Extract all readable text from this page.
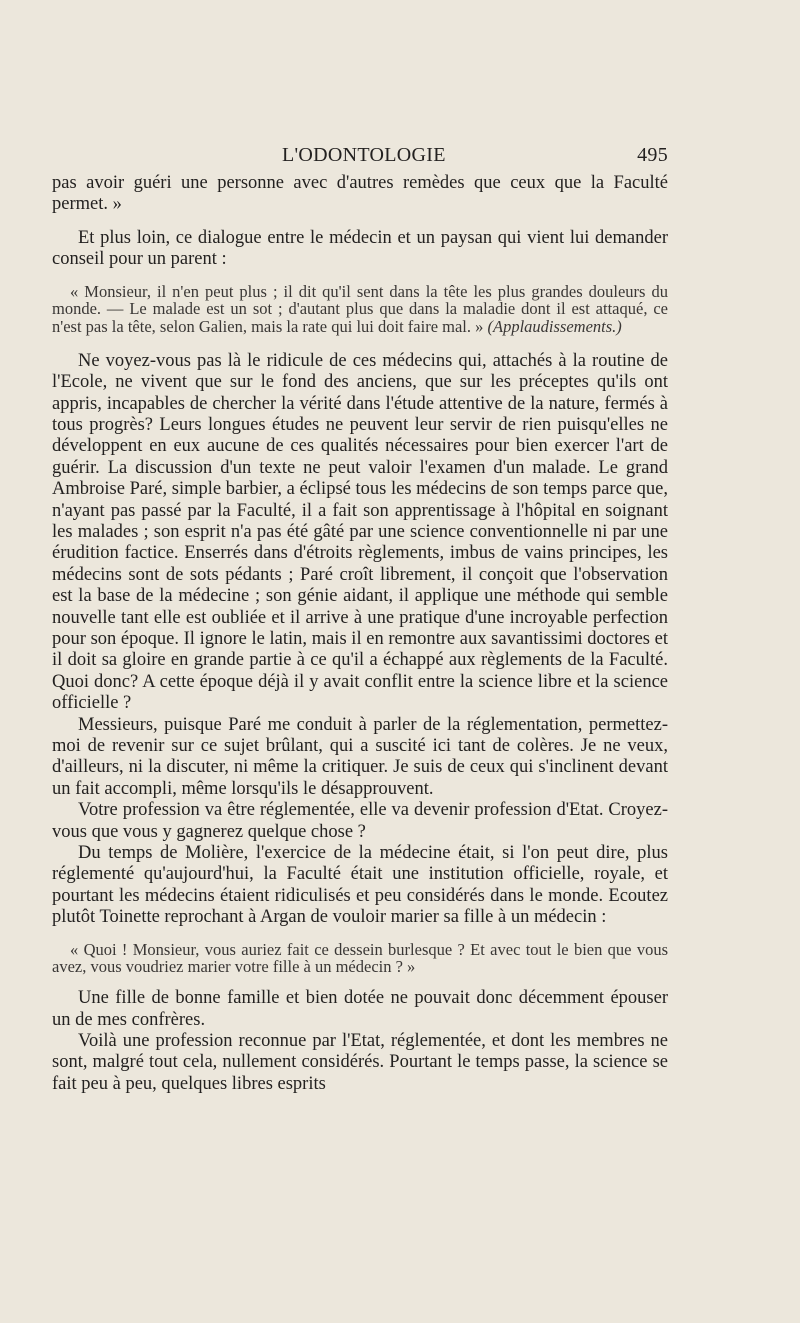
L'ODONTOLOGIE	495

pas avoir guéri une personne avec d'autres remèdes que ceux que la Faculté permet. »

Et plus loin, ce dialogue entre le médecin et un paysan qui vient lui demander conseil pour un parent :

« Monsieur, il n'en peut plus ; il dit qu'il sent dans la tête les plus grandes douleurs du monde. — Le malade est un sot ; d'autant plus que dans la maladie dont il est attaqué, ce n'est pas la tête, selon Galien, mais la rate qui lui doit faire mal. » (Applaudissements.)

Ne voyez-vous pas là le ridicule de ces médecins qui, attachés à la routine de l'Ecole, ne vivent que sur le fond des anciens, que sur les préceptes qu'ils ont appris, incapables de chercher la vérité dans l'étude attentive de la nature, fermés à tous progrès? Leurs longues études ne peuvent leur servir de rien puisqu'elles ne développent en eux aucune de ces qualités nécessaires pour bien exercer l'art de guérir. La discussion d'un texte ne peut valoir l'examen d'un malade. Le grand Ambroise Paré, simple barbier, a éclipsé tous les médecins de son temps parce que, n'ayant pas passé par la Faculté, il a fait son apprentissage à l'hôpital en soignant les malades ; son esprit n'a pas été gâté par une science conventionnelle ni par une érudition factice. Enserrés dans d'étroits règlements, imbus de vains principes, les médecins sont de sots pédants ; Paré croît librement, il conçoit que l'observation est la base de la médecine ; son génie aidant, il applique une méthode qui semble nouvelle tant elle est oubliée et il arrive à une pratique d'une incroyable perfection pour son époque. Il ignore le latin, mais il en remontre aux savantissimi doctores et il doit sa gloire en grande partie à ce qu'il a échappé aux règlements de la Faculté. Quoi donc? A cette époque déjà il y avait conflit entre la science libre et la science officielle ?

Messieurs, puisque Paré me conduit à parler de la réglementation, permettez-moi de revenir sur ce sujet brûlant, qui a suscité ici tant de colères. Je ne veux, d'ailleurs, ni la discuter, ni même la critiquer. Je suis de ceux qui s'inclinent devant un fait accompli, même lorsqu'ils le désapprouvent.

Votre profession va être réglementée, elle va devenir profession d'Etat. Croyez-vous que vous y gagnerez quelque chose ?

Du temps de Molière, l'exercice de la médecine était, si l'on peut dire, plus réglementé qu'aujourd'hui, la Faculté était une institution officielle, royale, et pourtant les médecins étaient ridiculisés et peu considérés dans le monde. Ecoutez plutôt Toinette reprochant à Argan de vouloir marier sa fille à un médecin :

« Quoi ! Monsieur, vous auriez fait ce dessein burlesque ? Et avec tout le bien que vous avez, vous voudriez marier votre fille à un médecin ? »

Une fille de bonne famille et bien dotée ne pouvait donc décemment épouser un de mes confrères.

Voilà une profession reconnue par l'Etat, réglementée, et dont les membres ne sont, malgré tout cela, nullement considérés. Pourtant le temps passe, la science se fait peu à peu, quelques libres esprits
